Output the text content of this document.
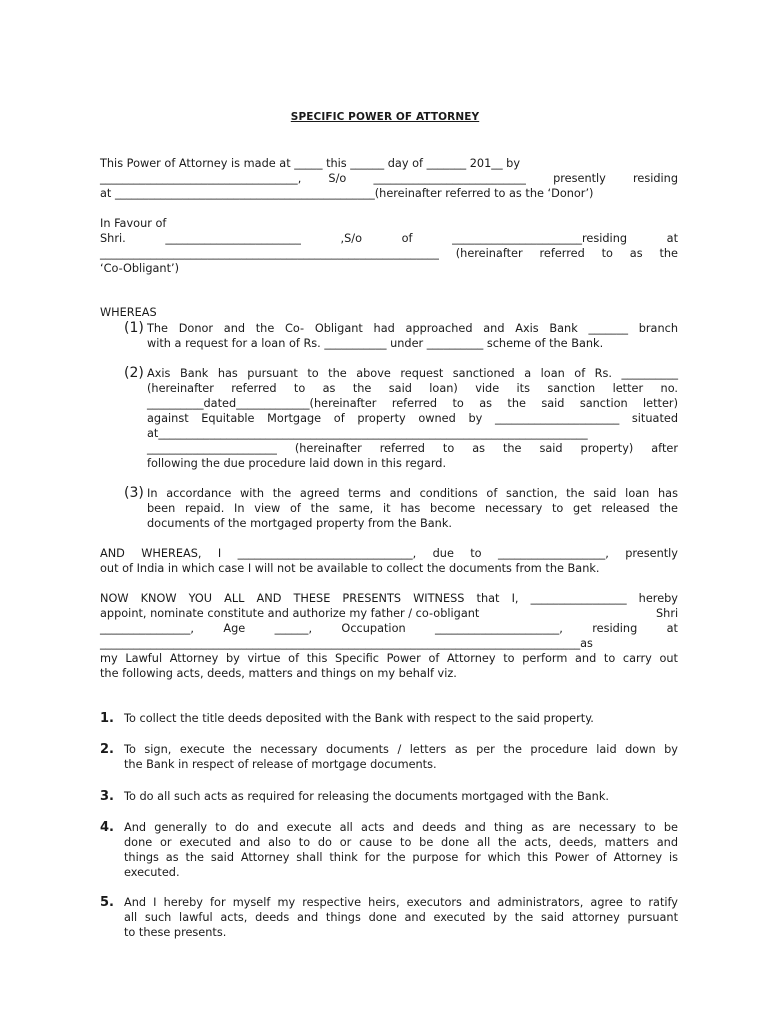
SPECIFIC POWER OF ATTORNEY
This Power of Attorney is made at _____ this ______ day of _______ 201__ by
___________________________________, S/o ___________________________ presently residing
at ______________________________________________(hereinafter referred to as the ‘Donor’)
In Favour of
Shri. ________________________ ,S/o of _______________________residing at
____________________________________________________________ (hereinafter referred to as the
‘Co-Obligant’)
WHEREAS
(1) The Donor and the Co- Obligant had approached and Axis Bank _______ branch
with a request for a loan of Rs. ___________ under __________ scheme of the Bank.
(2) Axis Bank has pursuant to the above request sanctioned a loan of Rs. __________
(hereinafter referred to as the said loan) vide its sanction letter no.
__________dated_____________(hereinafter referred to as the said sanction letter)
against Equitable Mortgage of property owned by ______________________ situated
at____________________________________________________________________________
_______________________ (hereinafter referred to as the said property) after
following the due procedure laid down in this regard.
(3) In accordance with the agreed terms and conditions of sanction, the said loan has
been repaid. In view of the same, it has become necessary to get released the
documents of the mortgaged property from the Bank.
AND WHEREAS, I _______________________________, due to ___________________, presently
out of India in which case I will not be available to collect the documents from the Bank.
NOW KNOW YOU ALL AND THESE PRESENTS WITNESS that I, _________________ hereby
appoint, nominate constitute and authorize my father / co-obligant	Shri
________________, Age ______, Occupation ______________________, residing at
_____________________________________________________________________________________as
my Lawful Attorney by virtue of this Specific Power of Attorney to perform and to carry out
the following acts, deeds, matters and things on my behalf viz.
1. To collect the title deeds deposited with the Bank with respect to the said property.
2. To sign, execute the necessary documents / letters as per the procedure laid down by
the Bank in respect of release of mortgage documents.
3. To do all such acts as required for releasing the documents mortgaged with the Bank.
4. And generally to do and execute all acts and deeds and thing as are necessary to be
done or executed and also to do or cause to be done all the acts, deeds, matters and
things as the said Attorney shall think for the purpose for which this Power of Attorney is
executed.
5. And I hereby for myself my respective heirs, executors and administrators, agree to ratify
all such lawful acts, deeds and things done and executed by the said attorney pursuant
to these presents.
